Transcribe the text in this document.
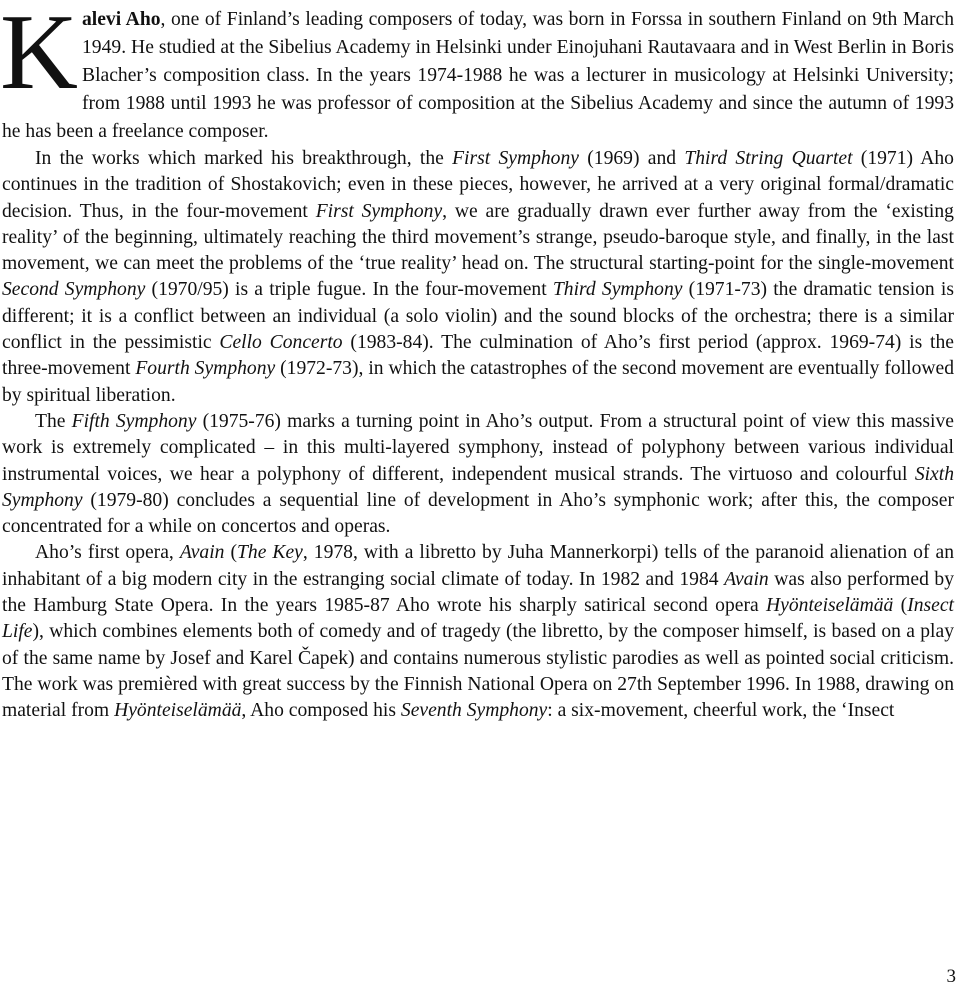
K alevi Aho, one of Finland’s leading composers of today, was born in Forssa in southern Finland on 9th March 1949. He studied at the Sibelius Academy in Helsinki under Einojuhani Rautavaara and in West Berlin in Boris Blacher’s composition class. In the years 1974-1988 he was a lecturer in musicology at Helsinki University; from 1988 until 1993 he was professor of composition at the Sibelius Academy and since the autumn of 1993 he has been a freelance composer.

In the works which marked his breakthrough, the First Symphony (1969) and Third String Quartet (1971) Aho continues in the tradition of Shostakovich; even in these pieces, however, he arrived at a very original formal/dramatic decision. Thus, in the four-movement First Symphony, we are gradually drawn ever further away from the ‘existing reality’ of the beginning, ultimately reaching the third movement’s strange, pseudo-baroque style, and finally, in the last movement, we can meet the problems of the ‘true reality’ head on. The structural starting-point for the single-movement Second Symphony (1970/95) is a triple fugue. In the four-movement Third Symphony (1971-73) the dramatic tension is different; it is a conflict between an individual (a solo violin) and the sound blocks of the orchestra; there is a similar conflict in the pessimistic Cello Concerto (1983-84). The culmination of Aho’s first period (approx. 1969-74) is the three-movement Fourth Symphony (1972-73), in which the catastrophes of the second movement are eventually followed by spiritual liberation.

The Fifth Symphony (1975-76) marks a turning point in Aho’s output. From a structural point of view this massive work is extremely complicated – in this multi-layered symphony, instead of polyphony between various individual instrumental voices, we hear a polyphony of different, independent musical strands. The virtuoso and colourful Sixth Symphony (1979-80) concludes a sequential line of development in Aho’s symphonic work; after this, the composer concentrated for a while on concertos and operas.

Aho’s first opera, Avain (The Key, 1978, with a libretto by Juha Mannerkorpi) tells of the paranoid alienation of an inhabitant of a big modern city in the estranging social climate of today. In 1982 and 1984 Avain was also performed by the Hamburg State Opera. In the years 1985-87 Aho wrote his sharply satirical second opera Hyönteiselämää (Insect Life), which combines elements both of comedy and of tragedy (the libretto, by the composer himself, is based on a play of the same name by Josef and Karel Čapek) and contains numerous stylistic parodies as well as pointed social criticism. The work was premièred with great success by the Finnish National Opera on 27th September 1996. In 1988, drawing on material from Hyönteiselämää, Aho composed his Seventh Symphony: a six-movement, cheerful work, the ‘Insect

3
